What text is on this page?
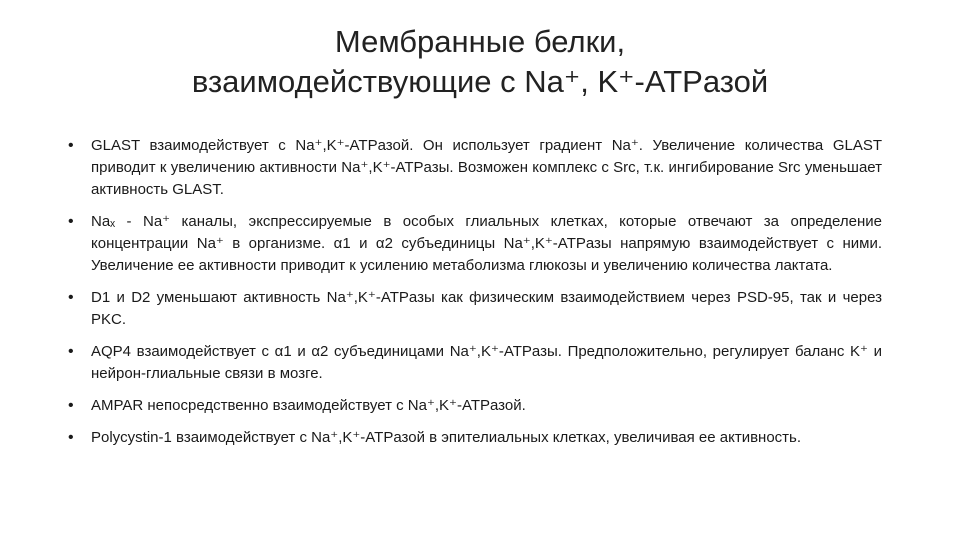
Мембранные белки,
взаимодействующие с Na⁺, K⁺-ATPазой
• GLAST взаимодействует с Na⁺,K⁺-ATPазой. Он использует градиент Na⁺. Увеличение количества GLAST приводит к увеличению активности Na⁺,K⁺-ATPазы. Возможен комплекс с Src, т.к. ингибирование Src уменьшает активность GLAST.
• Naₓ - Na⁺ каналы, экспрессируемые в особых глиальных клетках, которые отвечают за определение концентрации Na⁺ в организме. α1 и α2 субъединицы Na⁺,K⁺-ATPазы напрямую взаимодействует с ними. Увеличение ее активности приводит к усилению метаболизма глюкозы и увеличению количества лактата.
• D1 и D2 уменьшают активность Na⁺,K⁺-ATPазы как физическим взаимодействием через PSD-95, так и через PKC.
• AQP4 взаимодействует с α1 и α2 субъединицами Na⁺,K⁺-ATPазы. Предположительно, регулирует баланс K⁺ и нейрон-глиальные связи в мозге.
• AMPAR непосредственно взаимодействует с Na⁺,K⁺-ATPазой.
• Polycystin-1 взаимодействует с Na⁺,K⁺-ATPазой в эпителиальных клетках, увеличивая ее активность.
